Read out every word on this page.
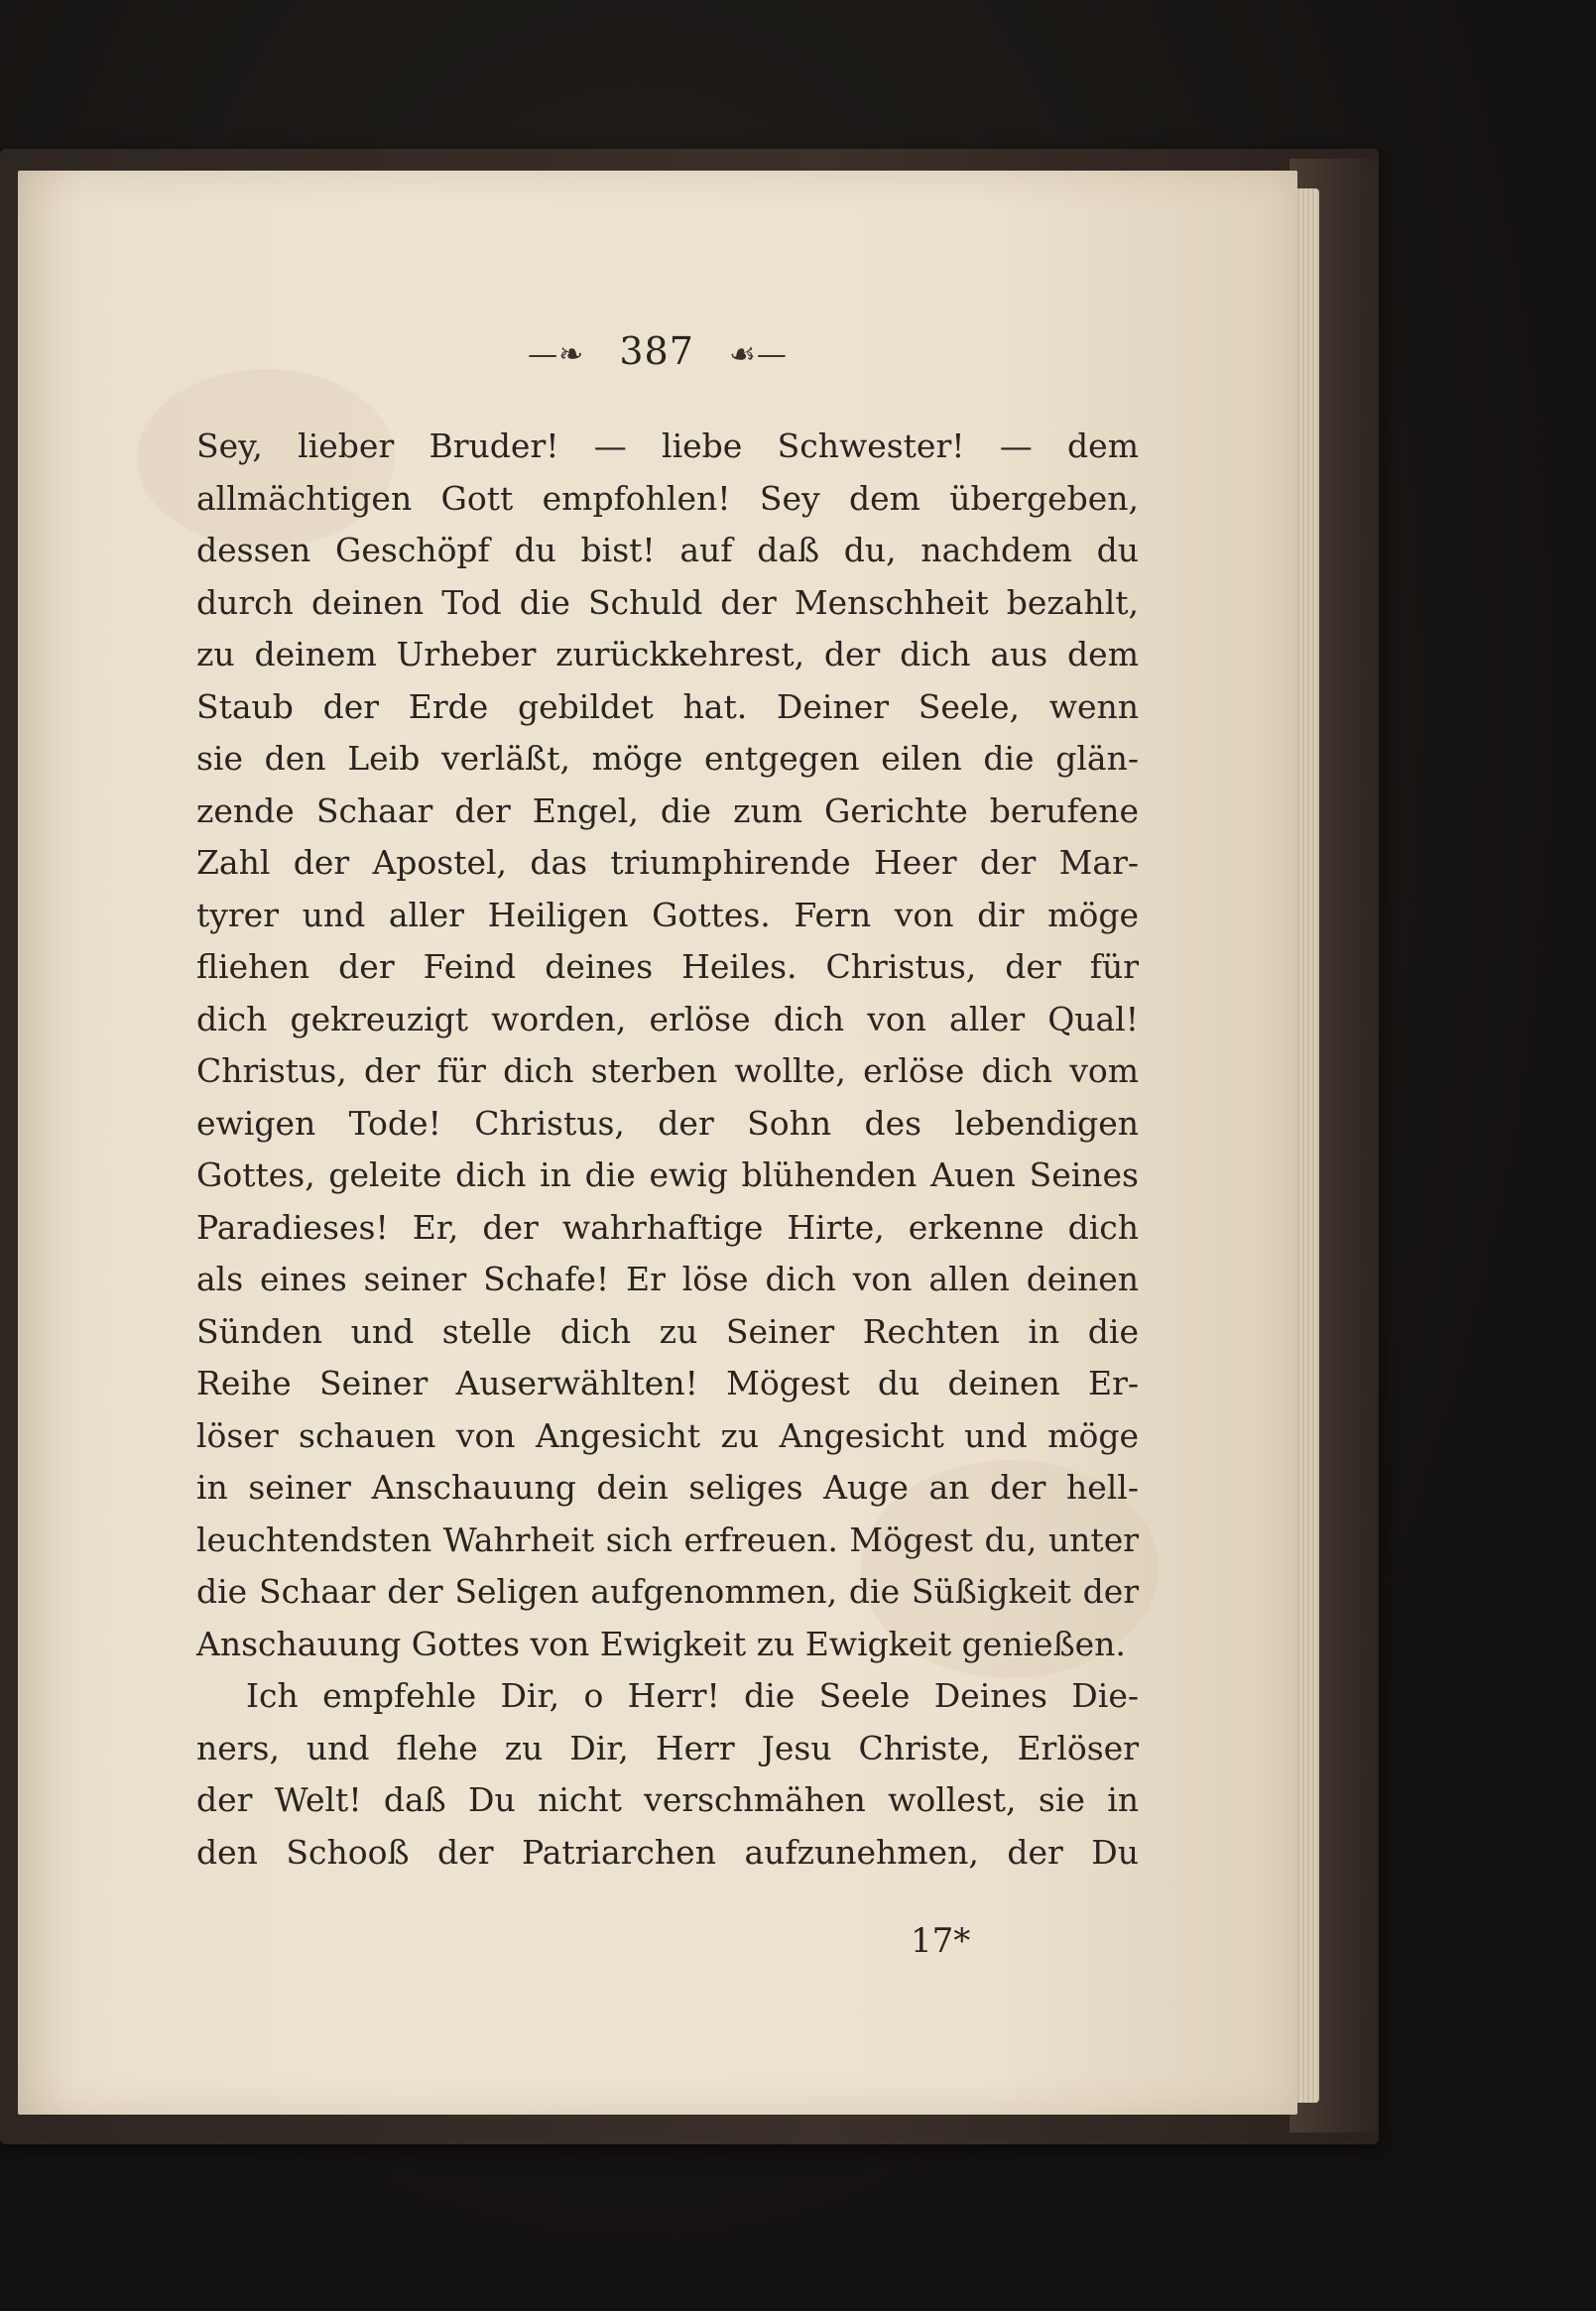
—❧ 387 ☙—
Sey, lieber Bruder! — liebe Schwester! — dem
allmächtigen Gott empfohlen! Sey dem übergeben,
dessen Geschöpf du bist! auf daß du, nachdem du
durch deinen Tod die Schuld der Menschheit bezahlt,
zu deinem Urheber zurückkehrest, der dich aus dem
Staub der Erde gebildet hat. Deiner Seele, wenn
sie den Leib verläßt, möge entgegen eilen die glän-
zende Schaar der Engel, die zum Gerichte berufene
Zahl der Apostel, das triumphirende Heer der Mar-
tyrer und aller Heiligen Gottes. Fern von dir möge
fliehen der Feind deines Heiles. Christus, der für
dich gekreuzigt worden, erlöse dich von aller Qual!
Christus, der für dich sterben wollte, erlöse dich vom
ewigen Tode! Christus, der Sohn des lebendigen
Gottes, geleite dich in die ewig blühenden Auen Seines
Paradieses! Er, der wahrhaftige Hirte, erkenne dich
als eines seiner Schafe! Er löse dich von allen deinen
Sünden und stelle dich zu Seiner Rechten in die
Reihe Seiner Auserwählten! Mögest du deinen Er-
löser schauen von Angesicht zu Angesicht und möge
in seiner Anschauung dein seliges Auge an der hell-
leuchtendsten Wahrheit sich erfreuen. Mögest du, unter
die Schaar der Seligen aufgenommen, die Süßigkeit der
Anschauung Gottes von Ewigkeit zu Ewigkeit genießen.
Ich empfehle Dir, o Herr! die Seele Deines Die-
ners, und flehe zu Dir, Herr Jesu Christe, Erlöser
der Welt! daß Du nicht verschmähen wollest, sie in
den Schooß der Patriarchen aufzunehmen, der Du
17*
